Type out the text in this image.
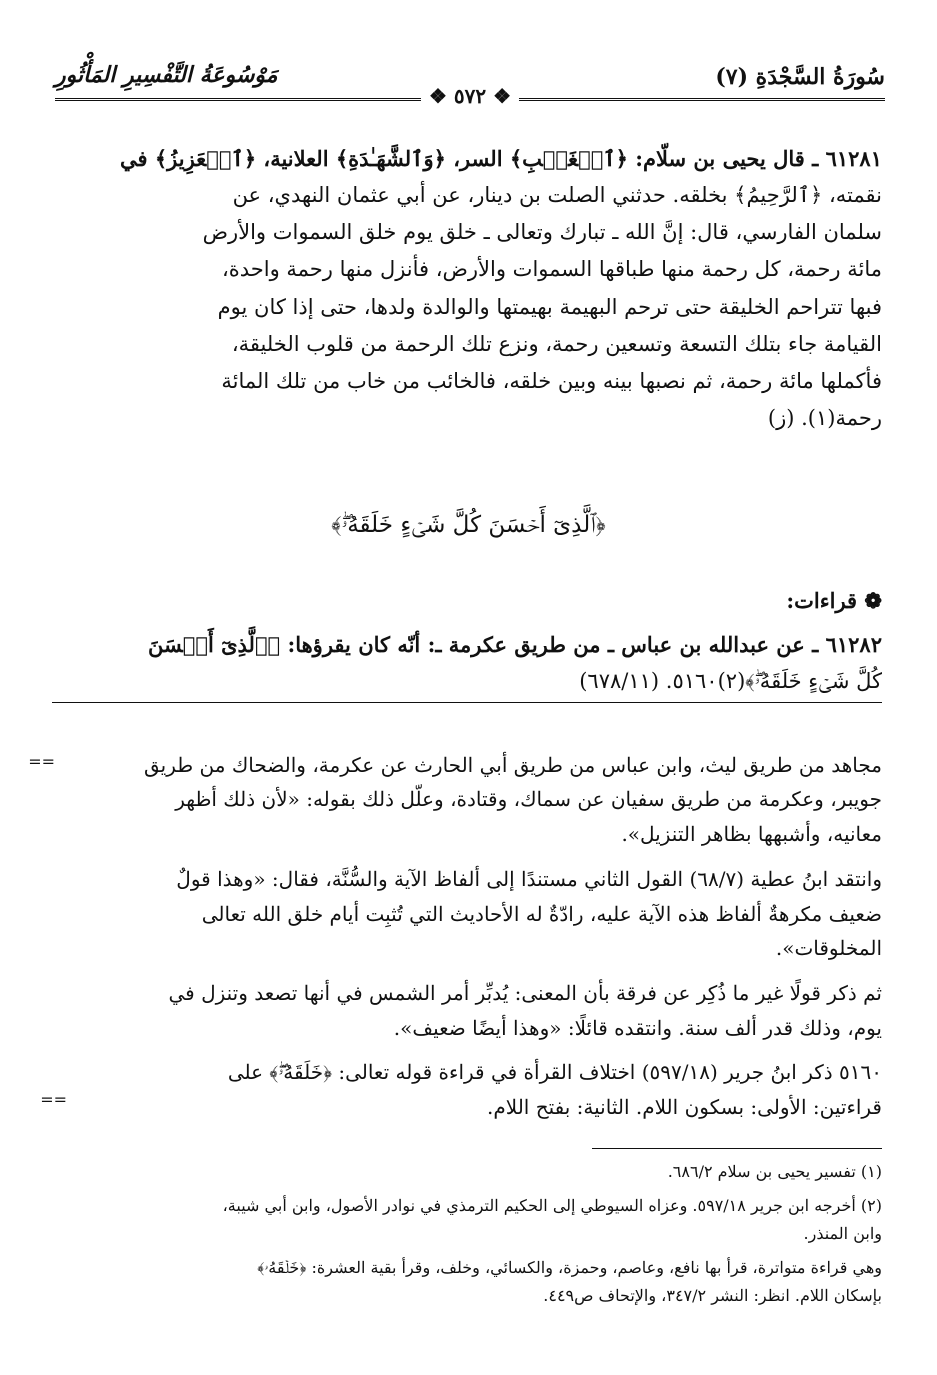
سُورَةُ السَّجْدَةِ (٧)
مَوْسُوعَةُ التَّفْسِيرِ المَأْثُورِ
❖ ٥٧٢ ❖
٦١٢٨١ ـ قال يحيى بن سلّام: ﴿ٱلۡغَيۡبِ﴾ السر، ﴿وَٱلشَّهَـٰدَةِ﴾ العلانية، ﴿ٱلۡعَزِيزُ﴾ في
نقمته، ﴿ٱلرَّحِيمُ﴾ بخلقه. حدثني الصلت بن دينار، عن أبي عثمان النهدي، عن
سلمان الفارسي، قال: إنَّ الله ـ تبارك وتعالى ـ خلق يوم خلق السموات والأرض
مائة رحمة، كل رحمة منها طباقها السموات والأرض، فأنزل منها رحمة واحدة،
فبها تتراحم الخليقة حتى ترحم البهيمة بهيمتها والوالدة ولدها، حتى إذا كان يوم
القيامة جاء بتلك التسعة وتسعين رحمة، ونزع تلك الرحمة من قلوب الخليقة،
فأكملها مائة رحمة، ثم نصبها بينه وبين خلقه، فالخائب من خاب من تلك المائة
رحمة(١). (ز)
﴿ٱلَّذِىٓ أَحۡسَنَ كُلَّ شَىۡءٍ خَلَقَهُۥۖ﴾
❁ قراءات:
٦١٢٨٢ ـ عن عبدالله بن عباس ـ من طريق عكرمة ـ: أنّه كان يقرؤها: ﴿ٱلَّذِىٓ أَحۡسَنَ
كُلَّ شَىۡءٍ خَلَقَهُۥۖ﴾(٢)٥١٦٠. (٦٧٨/١١)
==	مجاهد من طريق ليث، وابن عباس من طريق أبي الحارث عن عكرمة، والضحاك من طريق
جويبر، وعكرمة من طريق سفيان عن سماك، وقتادة، وعلّل ذلك بقوله: «لأن ذلك أظهر
معانيه، وأشبهها بظاهر التنزيل».
وانتقد ابنُ عطية (٦٨/٧) القول الثاني مستندًا إلى ألفاظ الآية والسُّنَّة، فقال: «وهذا قولٌ
ضعيف مكرهةٌ ألفاظ هذه الآية عليه، رادّةٌ له الأحاديث التي تُثبِت أيام خلق الله تعالى
المخلوقات».
ثم ذكر قولًا غير ما ذُكِر عن فرقة بأن المعنى: يُدبِّر أمر الشمس في أنها تصعد وتنزل في
يوم، وذلك قدر ألف سنة. وانتقده قائلًا: «وهذا أيضًا ضعيف».
٥١٦٠ ذكر ابنُ جرير (٥٩٧/١٨) اختلاف القرأة في قراءة قوله تعالى: ﴿خَلَقَهُۥۖ﴾ على
قراءتين: الأولى: بسكون اللام. الثانية: بفتح اللام.
==
(١) تفسير يحيى بن سلام ٦٨٦/٢.
(٢) أخرجه ابن جرير ٥٩٧/١٨. وعزاه السيوطي إلى الحكيم الترمذي في نوادر الأصول، وابن أبي شيبة،
وابن المنذر.
وهي قراءة متواترة، قرأ بها نافع، وعاصم، وحمزة، والكسائي، وخلف، وقرأ بقية العشرة: ﴿خَلۡقَهُۥ﴾
بإسكان اللام. انظر: النشر ٣٤٧/٢، والإتحاف ص٤٤٩.
